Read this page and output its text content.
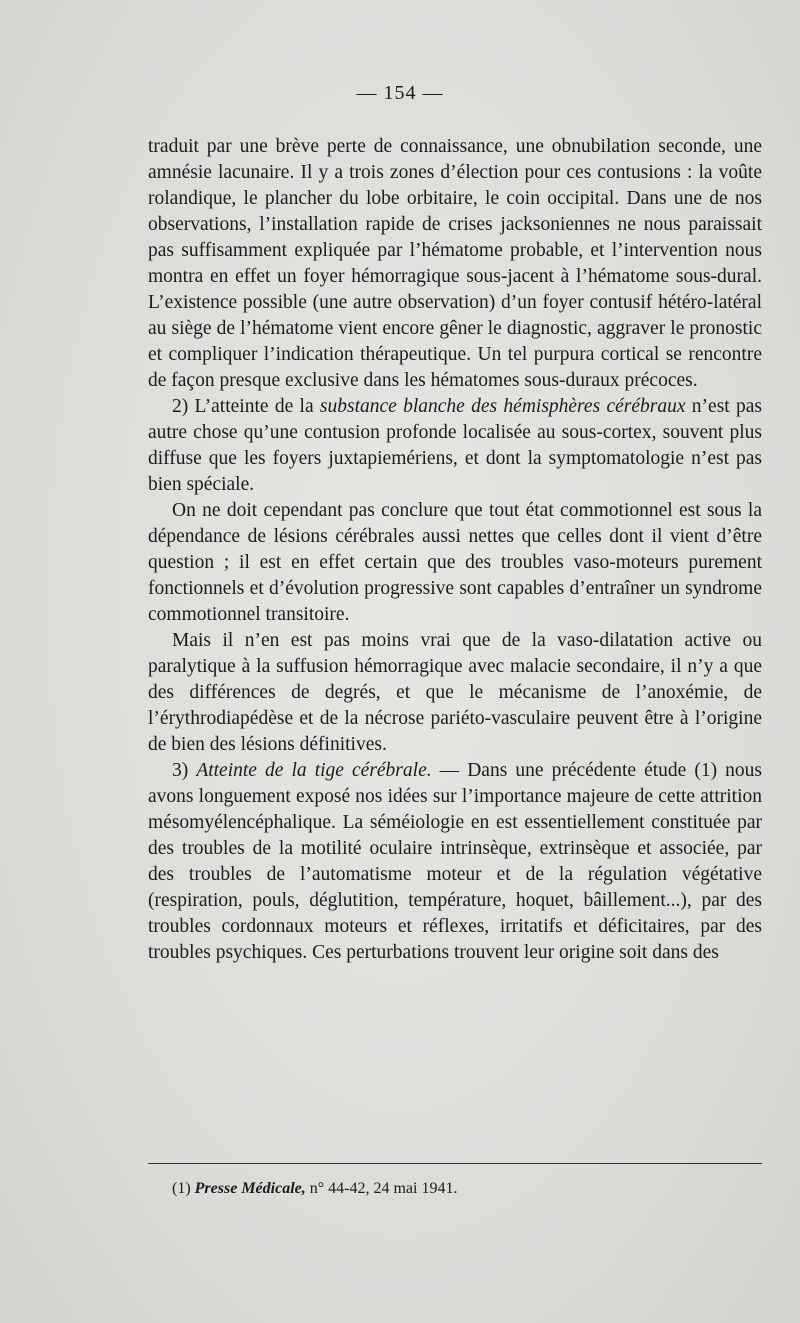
— 154 —

traduit par une brève perte de connaissance, une obnubilation seconde, une amnésie lacunaire. Il y a trois zones d’élection pour ces contusions : la voûte rolandique, le plancher du lobe orbitaire, le coin occipital. Dans une de nos observations, l’installation rapide de crises jacksoniennes ne nous paraissait pas suffisamment expliquée par l’hématome probable, et l’intervention nous montra en effet un foyer hémorragique sous-jacent à l’hématome sous-dural. L’existence possible (une autre observation) d’un foyer contusif hétéro-latéral au siège de l’hématome vient encore gêner le diagnostic, aggraver le pronostic et compliquer l’indication thérapeutique. Un tel purpura cortical se rencontre de façon presque exclusive dans les hématomes sous-duraux précoces.

2) L’atteinte de la substance blanche des hémisphères cérébraux n’est pas autre chose qu’une contusion profonde localisée au sous-cortex, souvent plus diffuse que les foyers juxtapiemériens, et dont la symptomatologie n’est pas bien spéciale.

On ne doit cependant pas conclure que tout état commotionnel est sous la dépendance de lésions cérébrales aussi nettes que celles dont il vient d’être question ; il est en effet certain que des troubles vaso-moteurs purement fonctionnels et d’évolution progressive sont capables d’entraîner un syndrome commotionnel transitoire.

Mais il n’en est pas moins vrai que de la vaso-dilatation active ou paralytique à la suffusion hémorragique avec malacie secondaire, il n’y a que des différences de degrés, et que le mécanisme de l’anoxémie, de l’érythrodiapédèse et de la nécrose pariéto-vasculaire peuvent être à l’origine de bien des lésions définitives.

3) Atteinte de la tige cérébrale. — Dans une précédente étude (1) nous avons longuement exposé nos idées sur l’importance majeure de cette attrition mésomyélencéphalique. La séméiologie en est essentiellement constituée par des troubles de la motilité oculaire intrinsèque, extrinsèque et associée, par des troubles de l’automatisme moteur et de la régulation végétative (respiration, pouls, déglutition, température, hoquet, bâillement...), par des troubles cordonnaux moteurs et réflexes, irritatifs et déficitaires, par des troubles psychiques. Ces perturbations trouvent leur origine soit dans des

(1) Presse Médicale, n° 44-42, 24 mai 1941.
